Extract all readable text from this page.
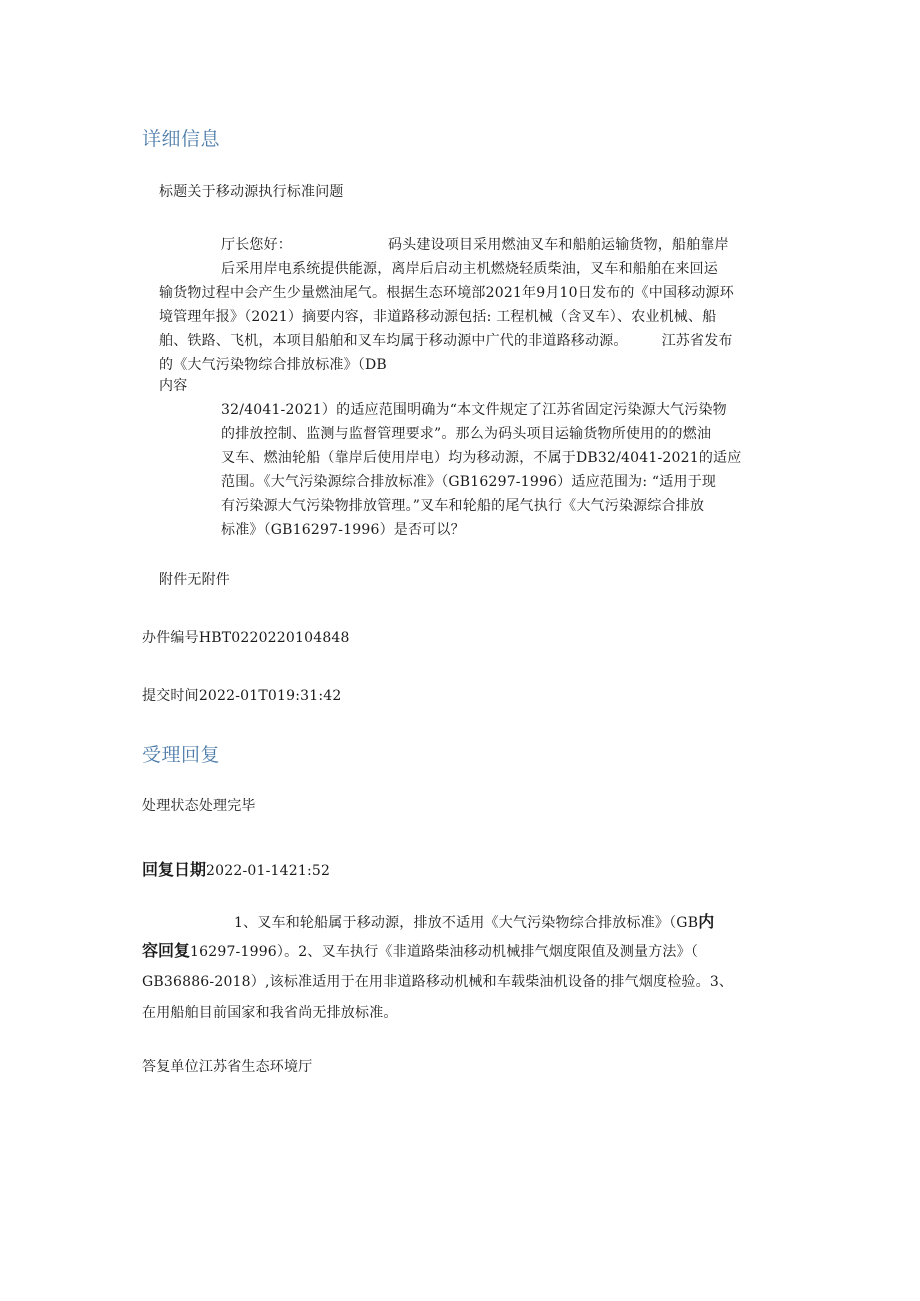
详细信息
标题关于移动源执行标准问题
厅长您好：	码头建设项目采用燃油叉车和船舶运输货物，船舶靠岸
后采用岸电系统提供能源，离岸后启动主机燃烧轻质柴油，叉车和船舶在来回运
输货物过程中会产生少量燃油尾气。根据生态环境部2021年9月10日发布的《中国移动源环
境管理年报》（2021）摘要内容，非道路移动源包括: 工程机械（含叉车）、农业机械、船
舶、铁路、飞机，本项目船舶和叉车均属于移动源中广代的非道路移动源。 江苏省发布
的《大气污染物综合排放标准》（DB
内容
32/4041-2021）的适应范围明确为“本文件规定了江苏省固定污染源大气污染物
的排放控制、监测与监督管理要求”。那么为码头项目运输货物所使用的的燃油
叉车、燃油轮船（靠岸后使用岸电）均为移动源，不属于DB32/4041-2021的适应
范围。《大气污染源综合排放标准》（GB16297-1996）适应范围为: “适用于现
有污染源大气污染物排放管理。”叉车和轮船的尾气执行《大气污染源综合排放
标准》（GB16297-1996）是否可以？
附件无附件
办件编号HBT0220220104848
提交时间2022-01T019:31:42
受理回复
处理状态处理完毕
回复日期2022-01-1421:52
1、叉车和轮船属于移动源，排放不适用《大气污染物综合排放标准》（GB内
容回复16297-1996）。2、叉车执行《非道路柴油移动机械排气烟度限值及测量方法》（
GB36886-2018）,该标准适用于在用非道路移动机械和车载柴油机设备的排气烟度检验。3、
在用船舶目前国家和我省尚无排放标准。
答复单位江苏省生态环境厅
